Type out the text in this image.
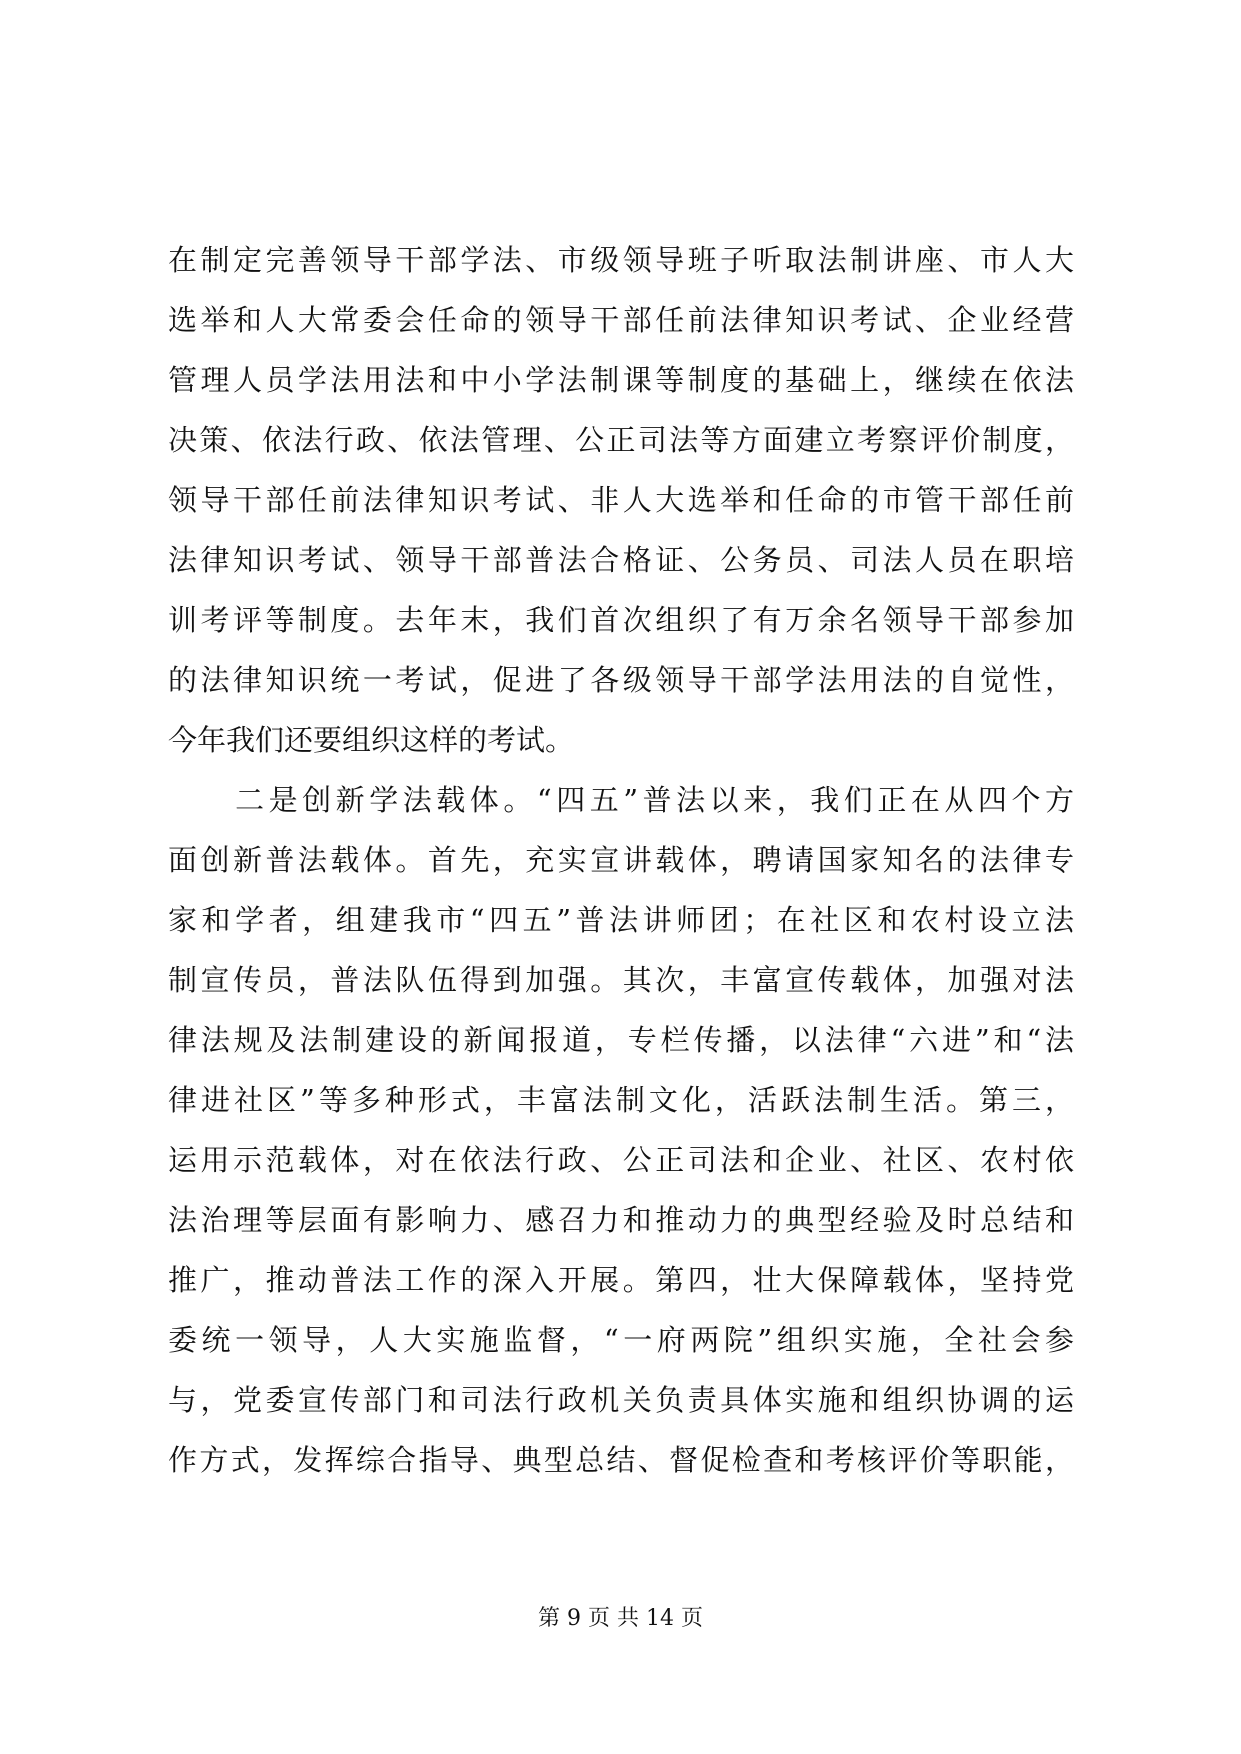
在制定完善领导干部学法、市级领导班子听取法制讲座、市人大
选举和人大常委会任命的领导干部任前法律知识考试、企业经营
管理人员学法用法和中小学法制课等制度的基础上，继续在依法
决策、依法行政、依法管理、公正司法等方面建立考察评价制度，
领导干部任前法律知识考试、非人大选举和任命的市管干部任前
法律知识考试、领导干部普法合格证、公务员、司法人员在职培
训考评等制度。去年末，我们首次组织了有万余名领导干部参加
的法律知识统一考试，促进了各级领导干部学法用法的自觉性，
今年我们还要组织这样的考试。
　　二是创新学法载体。“四五”普法以来，我们正在从四个方
面创新普法载体。首先，充实宣讲载体，聘请国家知名的法律专
家和学者，组建我市“四五”普法讲师团；在社区和农村设立法
制宣传员，普法队伍得到加强。其次，丰富宣传载体，加强对法
律法规及法制建设的新闻报道，专栏传播，以法律“六进”和“法
律进社区”等多种形式，丰富法制文化，活跃法制生活。第三，
运用示范载体，对在依法行政、公正司法和企业、社区、农村依
法治理等层面有影响力、感召力和推动力的典型经验及时总结和
推广，推动普法工作的深入开展。第四，壮大保障载体，坚持党
委统一领导，人大实施监督，“一府两院”组织实施，全社会参
与，党委宣传部门和司法行政机关负责具体实施和组织协调的运
作方式，发挥综合指导、典型总结、督促检查和考核评价等职能，
第 9 页 共 14 页
